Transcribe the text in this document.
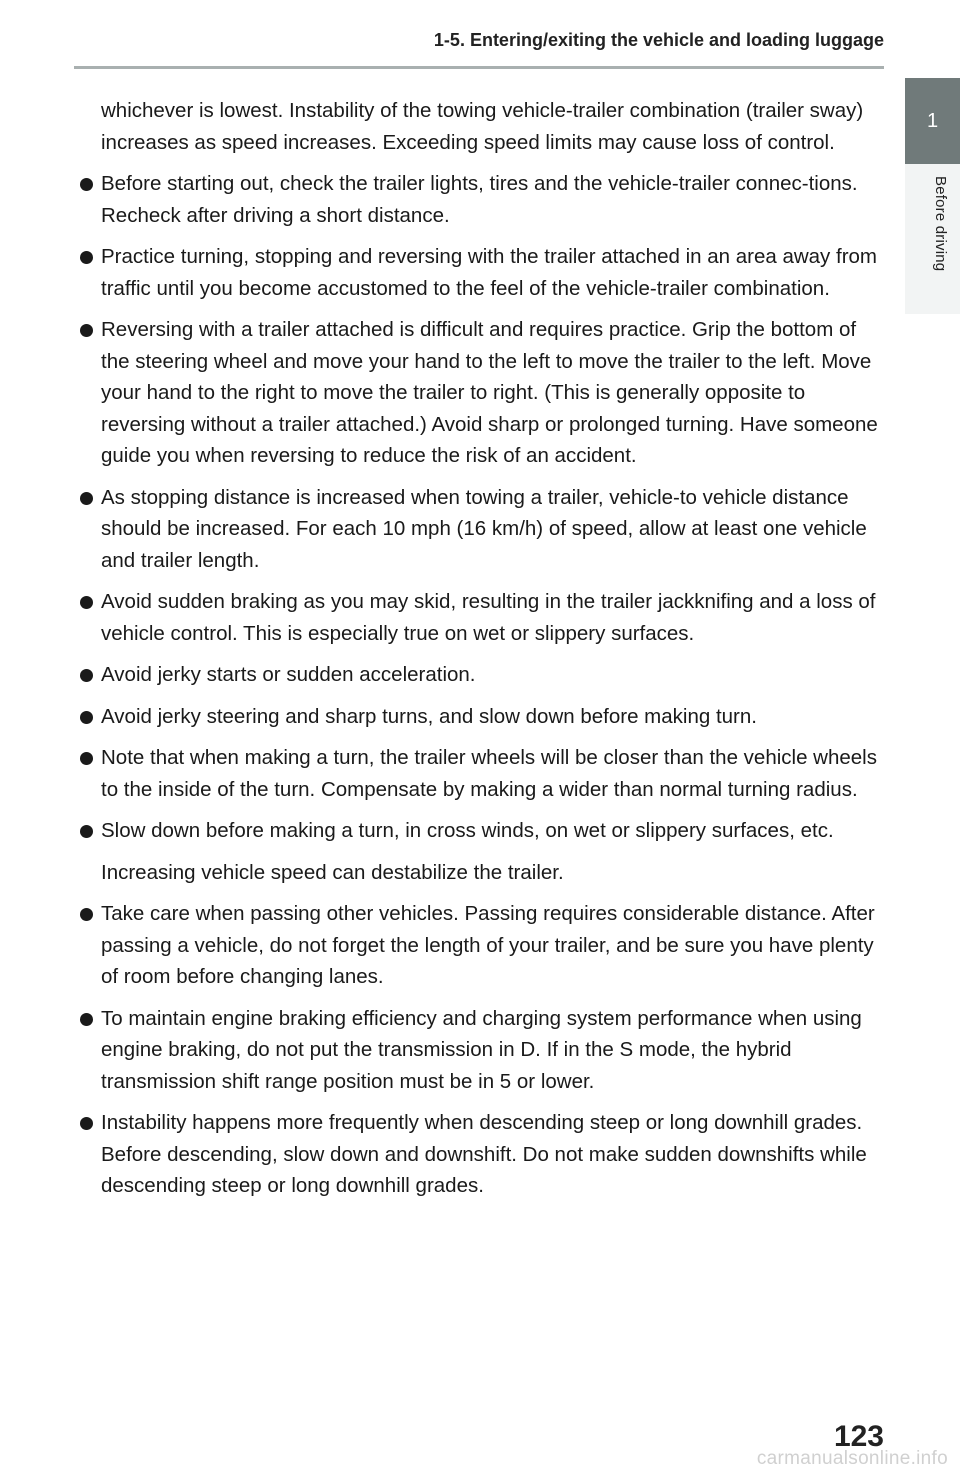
1-5. Entering/exiting the vehicle and loading luggage
1
Before driving
whichever is lowest. Instability of the towing vehicle-trailer combination (trailer sway) increases as speed increases. Exceeding speed limits may cause loss of control.
Before starting out, check the trailer lights, tires and the vehicle-trailer connec-tions. Recheck after driving a short distance.
Practice turning, stopping and reversing with the trailer attached in an area away from traffic until you become accustomed to the feel of the vehicle-trailer combination.
Reversing with a trailer attached is difficult and requires practice. Grip the bottom of the steering wheel and move your hand to the left to move the trailer to the left. Move your hand to the right to move the trailer to right. (This is generally opposite to reversing without a trailer attached.) Avoid sharp or prolonged turning. Have someone guide you when reversing to reduce the risk of an accident.
As stopping distance is increased when towing a trailer, vehicle-to vehicle distance should be increased. For each 10 mph (16 km/h) of speed, allow at least one vehicle and trailer length.
Avoid sudden braking as you may skid, resulting in the trailer jackknifing and a loss of vehicle control. This is especially true on wet or slippery surfaces.
Avoid jerky starts or sudden acceleration.
Avoid jerky steering and sharp turns, and slow down before making turn.
Note that when making a turn, the trailer wheels will be closer than the vehicle wheels to the inside of the turn. Compensate by making a wider than normal turning radius.
Slow down before making a turn, in cross winds, on wet or slippery surfaces, etc.
Increasing vehicle speed can destabilize the trailer.
Take care when passing other vehicles. Passing requires considerable distance. After passing a vehicle, do not forget the length of your trailer, and be sure you have plenty of room before changing lanes.
To maintain engine braking efficiency and charging system performance when using engine braking, do not put the transmission in D. If in the S mode, the hybrid transmission shift range position must be in 5 or lower.
Instability happens more frequently when descending steep or long downhill grades. Before descending, slow down and downshift. Do not make sudden downshifts while descending steep or long downhill grades.
123
carmanualsonline.info
